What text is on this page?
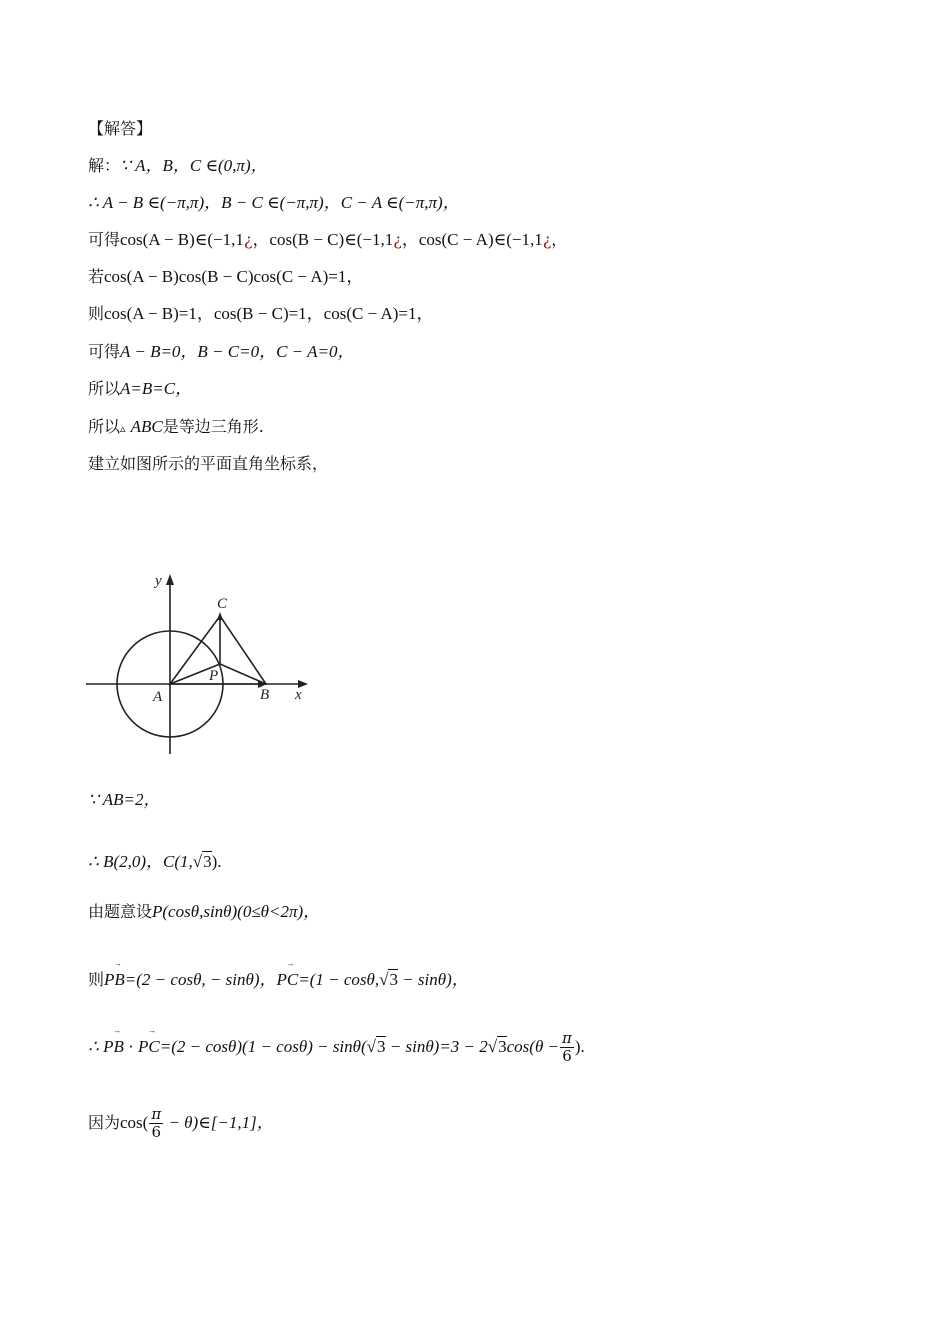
【解答】
解：∵ A，B，C ∈(0,π)，
∴ A − B ∈(−π,π)，B − C ∈(−π,π)，C − A ∈(−π,π)，
可得cos(A − B)∈(−1,1¿，cos(B − C)∈(−1,1¿，cos(C − A)∈(−1,1¿，
若cos(A − B)cos(B − C)cos(C − A)=1，
则cos(A − B)=1，cos(B − C)=1，cos(C − A)=1，
可得A − B=0，B − C=0，C − A=0，
所以A=B=C，
所以▵ ABC是等边三角形.
建立如图所示的平面直角坐标系，
y
x
A	B
C
P
∵ AB=2，
∴ B(2,0)，C(1,√3).
由题意设P(cosθ,sinθ)(0≤θ<2π)，
则→ PB=(2 − cosθ, − sinθ)，→ PC=(1 − cosθ,√3 − sinθ)，
∴ → PB · → $PC=(2 - \cos\theta)(1 - \cos\theta) - \sin\theta(√3 - \sin\theta)=3 - 2√3\cos(\theta - \frac{\pi}{6}$ ).
因为$\cos( \frac{\pi}{6}$ − θ)∈[−1,1]，
